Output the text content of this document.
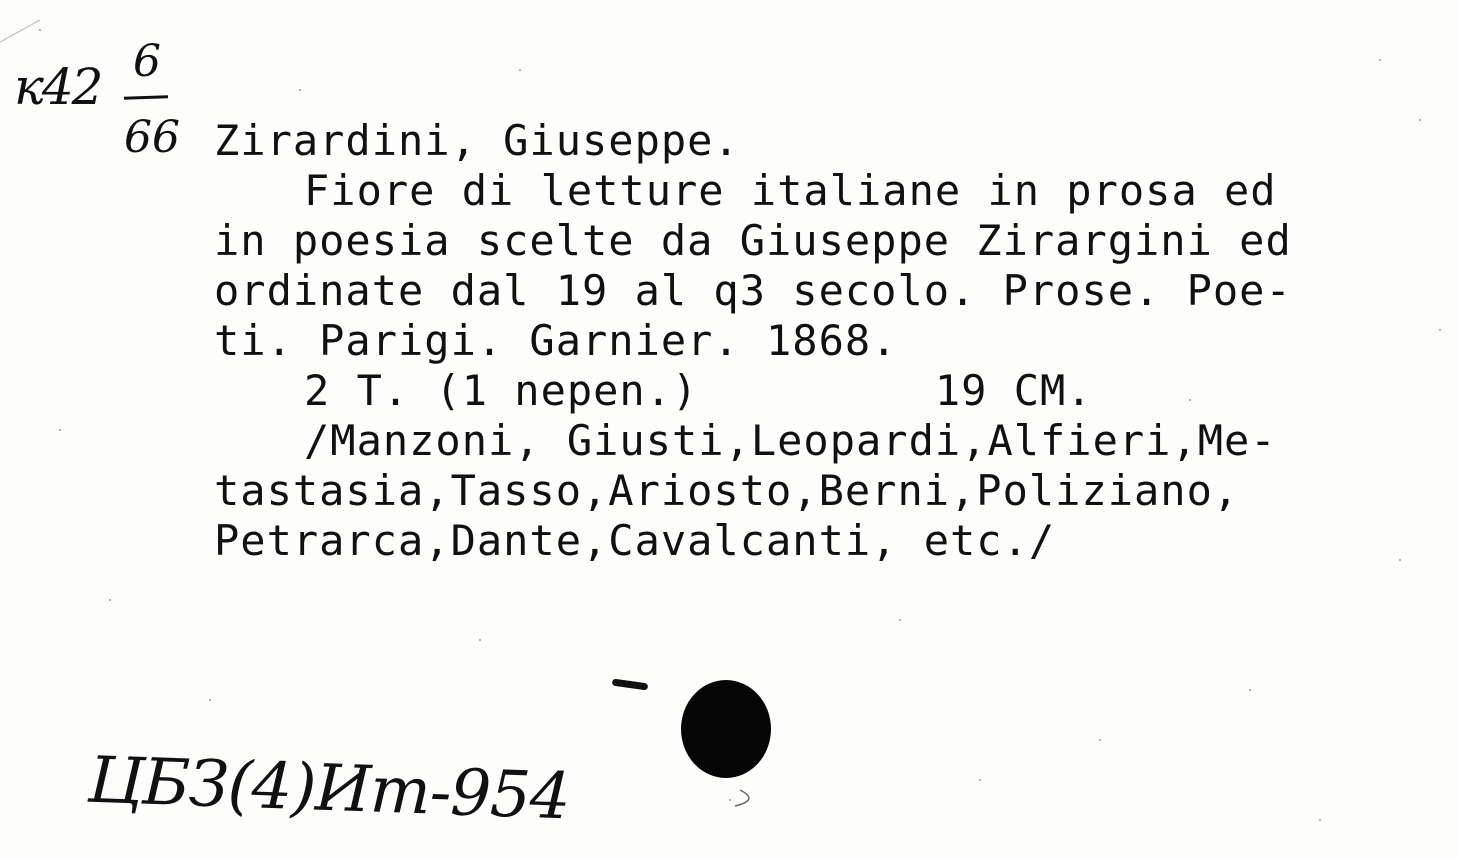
к42 6
66 Zirardini, Giuseppe.
Fiore di letture italiane in prosa ed
in poesia scelte da Giuseppe Zirargini ed
ordinate dal 19 al q3 secolo. Prose. Poe-
ti. Parigi. Garnier. 1868.
2 T. (1 nepen.)         19 CM.
/Manzoni, Giusti,Leopardi,Alfieri,Me-
tastasia,Tasso,Ariosto,Berni,Poliziano,
Petrarca,Dante,Cavalcanti, etc./
ЦБЗ(4)Ит-954
